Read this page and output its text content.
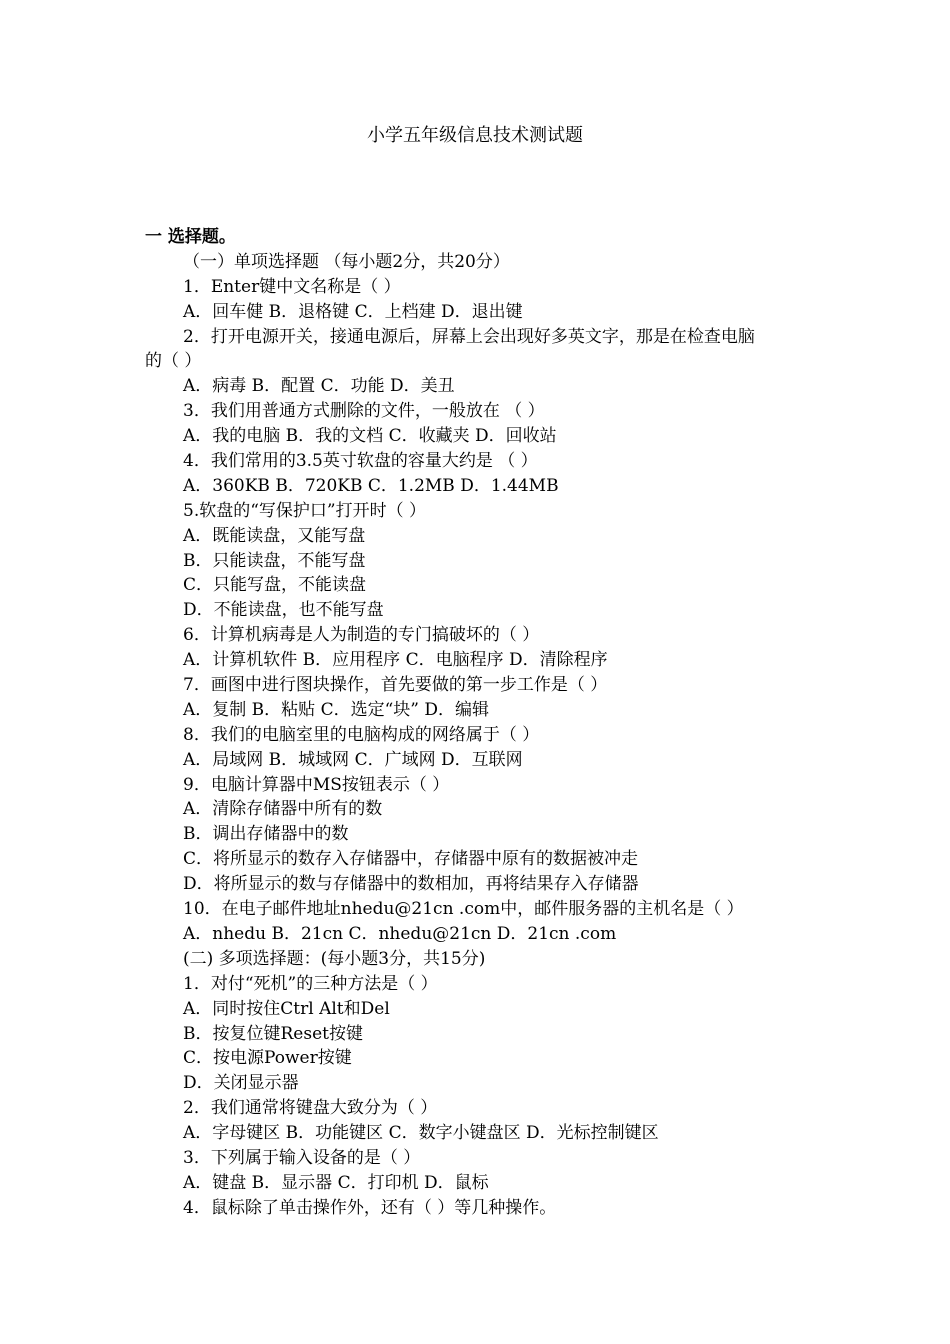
小学五年级信息技术测试题
一 选择题。
（一）单项选择题 （每小题2分，共20分）
1．Enter键中文名称是（ ）
A．回车健 B．退格键 C．上档建 D．退出键
2．打开电源开关，接通电源后，屏幕上会出现好多英文字，那是在检查电脑
的（ ）
A．病毒 B．配置 C．功能 D．美丑
3．我们用普通方式删除的文件，一般放在 （ ）
A．我的电脑 B．我的文档 C．收藏夹 D．回收站
4．我们常用的3.5英寸软盘的容量大约是 （ ）
A．360KB B．720KB C．1.2MB D．1.44MB
5.软盘的“写保护口”打开时（ ）
A．既能读盘，又能写盘
B．只能读盘，不能写盘
C．只能写盘，不能读盘
D．不能读盘，也不能写盘
6．计算机病毒是人为制造的专门搞破坏的（ ）
A．计算机软件 B．应用程序 C．电脑程序 D．清除程序
7．画图中进行图块操作，首先要做的第一步工作是（ ）
A．复制 B．粘贴 C．选定“块” D．编辑
8．我们的电脑室里的电脑构成的网络属于（ ）
A．局域网 B．城域网 C．广域网 D．互联网
9．电脑计算器中MS按钮表示（ ）
A．清除存储器中所有的数
B．调出存储器中的数
C．将所显示的数存入存储器中，存储器中原有的数据被冲走
D．将所显示的数与存储器中的数相加，再将结果存入存储器
10．在电子邮件地址nhedu@21cn .com中，邮件服务器的主机名是（ ）
A．nhedu B．21cn C．nhedu@21cn D．21cn .com
(二) 多项选择题：(每小题3分，共15分)
1．对付“死机”的三种方法是（ ）
A．同时按住Ctrl Alt和Del
B．按复位键Reset按键
C．按电源Power按键
D．关闭显示器
2．我们通常将键盘大致分为（ ）
A．字母键区 B．功能键区 C．数字小键盘区 D．光标控制键区
3．下列属于输入设备的是（ ）
A．键盘 B．显示器 C．打印机 D．鼠标
4．鼠标除了单击操作外，还有（ ）等几种操作。
